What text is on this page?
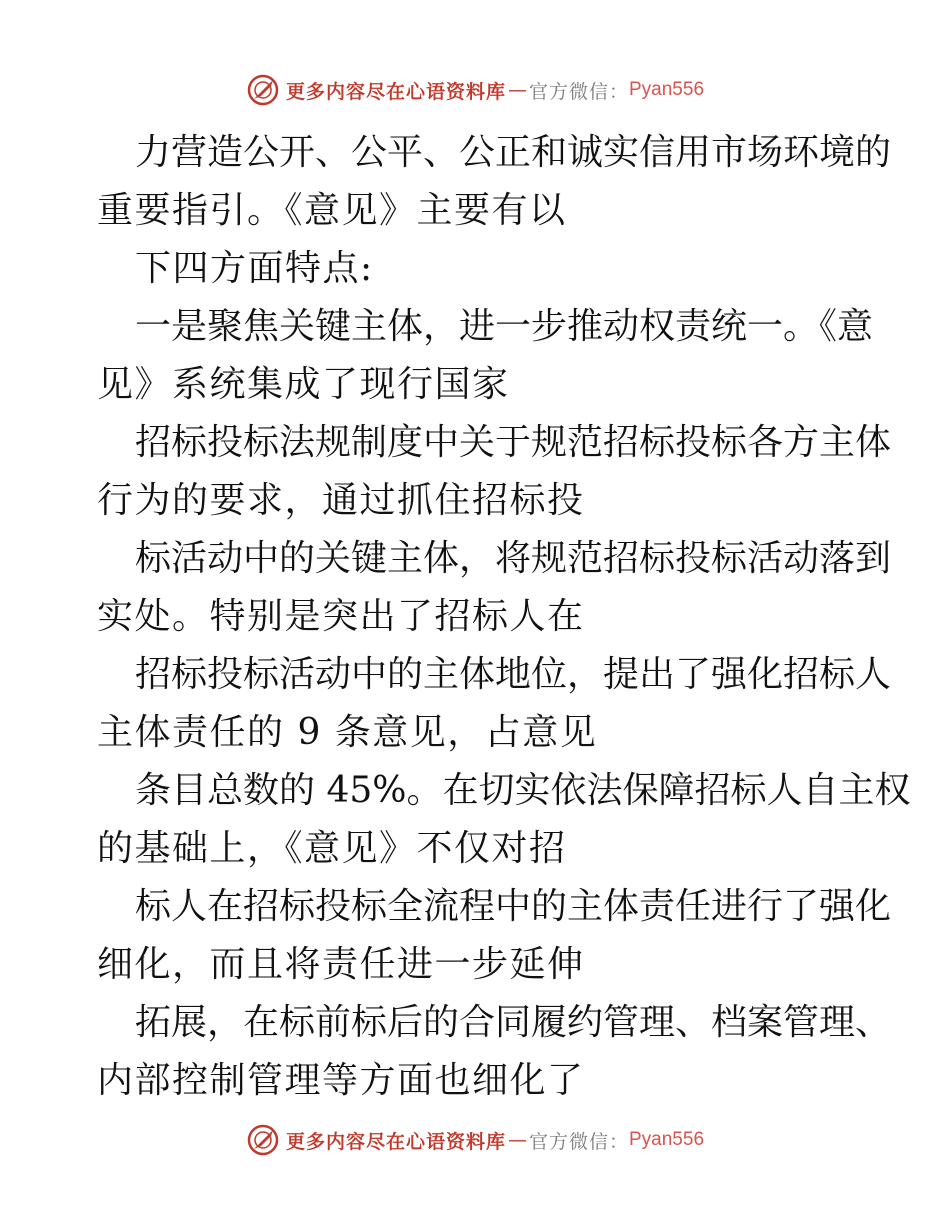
更多内容尽在心语资料库 — 官方微信： Pyan556
力营造公开、公平、公正和诚实信用市场环境的
重要指引。《意见》主要有以
下四方面特点:
一是聚焦关键主体，进一步推动权责统一。《意
见》系统集成了现行国家
招标投标法规制度中关于规范招标投标各方主体
行为的要求，通过抓住招标投
标活动中的关键主体，将规范招标投标活动落到
实处。特别是突出了招标人在
招标投标活动中的主体地位，提出了强化招标人
主体责任的 9 条意见，占意见
条目总数的 45%。在切实依法保障招标人自主权
的基础上，《意见》不仅对招
标人在招标投标全流程中的主体责任进行了强化
细化，而且将责任进一步延伸
拓展，在标前标后的合同履约管理、档案管理、
内部控制管理等方面也细化了
更多内容尽在心语资料库 — 官方微信： Pyan556
